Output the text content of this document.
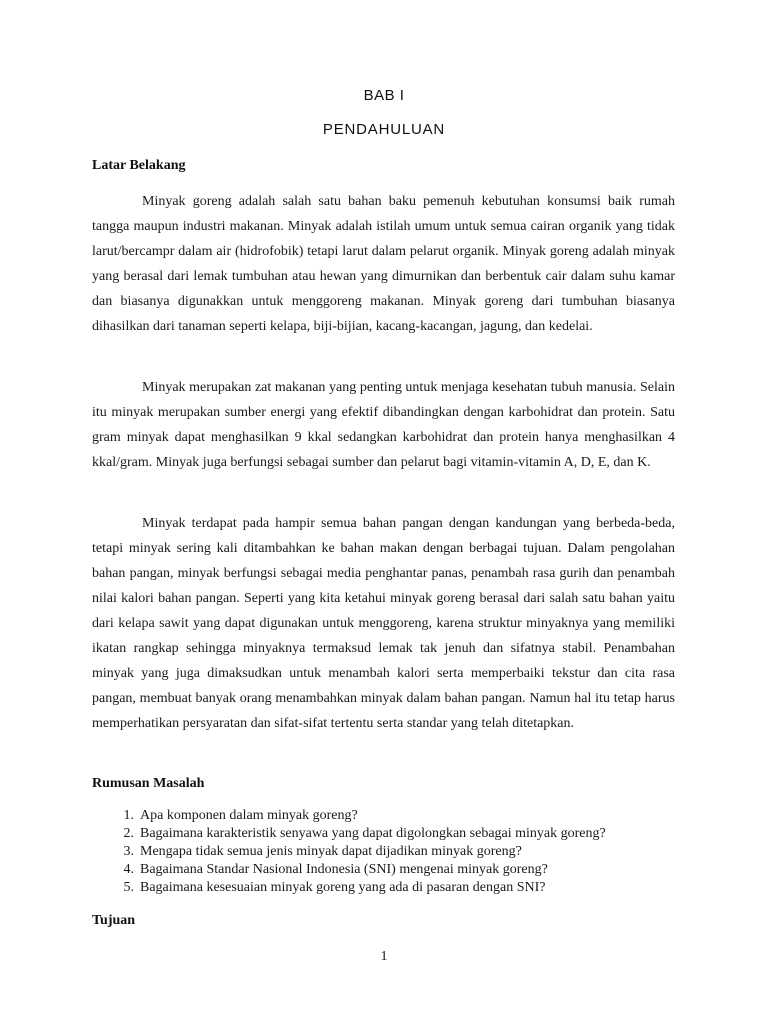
BAB I
PENDAHULUAN
Latar Belakang

Minyak goreng adalah salah satu bahan baku pemenuh kebutuhan konsumsi baik rumah tangga maupun industri makanan. Minyak adalah istilah umum untuk semua cairan organik yang tidak larut/bercampr dalam air (hidrofobik) tetapi larut dalam pelarut organik. Minyak goreng adalah minyak yang berasal dari lemak tumbuhan atau hewan yang dimurnikan dan berbentuk cair dalam suhu kamar dan biasanya digunakkan untuk menggoreng makanan. Minyak goreng dari tumbuhan biasanya dihasilkan dari tanaman seperti kelapa, biji-bijian, kacang-kacangan, jagung, dan kedelai.

Minyak merupakan zat makanan yang penting untuk menjaga kesehatan tubuh manusia. Selain itu minyak merupakan sumber energi yang efektif dibandingkan dengan karbohidrat dan protein. Satu gram minyak dapat menghasilkan 9 kkal sedangkan karbohidrat dan protein hanya menghasilkan 4 kkal/gram. Minyak juga berfungsi sebagai sumber dan pelarut bagi vitamin-vitamin A, D, E, dan K.

Minyak terdapat pada hampir semua bahan pangan dengan kandungan yang berbeda-beda, tetapi minyak sering kali ditambahkan ke bahan makan dengan berbagai tujuan. Dalam pengolahan bahan pangan, minyak berfungsi sebagai media penghantar panas, penambah rasa gurih dan penambah nilai kalori bahan pangan. Seperti yang kita ketahui minyak goreng berasal dari salah satu bahan yaitu dari kelapa sawit yang dapat digunakan untuk menggoreng, karena struktur minyaknya yang memiliki ikatan rangkap sehingga minyaknya termaksud lemak tak jenuh dan sifatnya stabil. Penambahan minyak yang juga dimaksudkan untuk menambah kalori serta memperbaiki tekstur dan cita rasa pangan, membuat banyak orang menambahkan minyak dalam bahan pangan. Namun hal itu tetap harus memperhatikan persyaratan dan sifat-sifat tertentu serta standar yang telah ditetapkan.

Rumusan Masalah
1. Apa komponen dalam minyak goreng?
2. Bagaimana karakteristik senyawa yang dapat digolongkan sebagai minyak goreng?
3. Mengapa tidak semua jenis minyak dapat dijadikan minyak goreng?
4. Bagaimana Standar Nasional Indonesia (SNI) mengenai minyak goreng?
5. Bagaimana kesesuaian minyak goreng yang ada di pasaran dengan SNI?
Tujuan

1
